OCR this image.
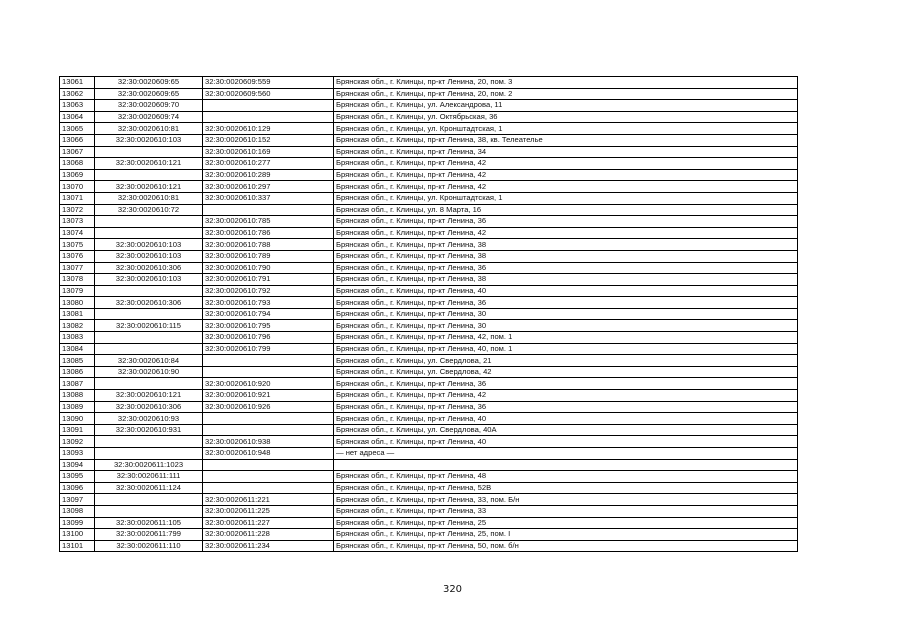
13061	32:30:0020609:65	32:30:0020609:559	Брянская обл., г. Клинцы, пр-кт Ленина, 20, пом. 3
13062	32:30:0020609:65	32:30:0020609:560	Брянская обл., г. Клинцы, пр-кт Ленина, 20, пом. 2
13063	32:30:0020609:70		Брянская обл., г. Клинцы, ул. Александрова, 11
13064	32:30:0020609:74		Брянская обл., г. Клинцы, ул. Октябрьская, 36
13065	32:30:0020610:81	32:30:0020610:129	Брянская обл., г. Клинцы, ул. Кронштадтская, 1
13066	32:30:0020610:103	32:30:0020610:152	Брянская обл., г. Клинцы, пр-кт Ленина, 38, кв. Телеателье
13067		32:30:0020610:169	Брянская обл., г. Клинцы, пр-кт Ленина, 34
13068	32:30:0020610:121	32:30:0020610:277	Брянская обл., г. Клинцы, пр-кт Ленина, 42
13069		32:30:0020610:289	Брянская обл., г. Клинцы, пр-кт Ленина, 42
13070	32:30:0020610:121	32:30:0020610:297	Брянская обл., г. Клинцы, пр-кт Ленина, 42
13071	32:30:0020610:81	32:30:0020610:337	Брянская обл., г. Клинцы, ул. Кронштадтская, 1
13072	32:30:0020610:72		Брянская обл., г. Клинцы, ул. 8 Марта, 16
13073		32:30:0020610:785	Брянская обл., г. Клинцы, пр-кт Ленина, 36
13074		32:30:0020610:786	Брянская обл., г. Клинцы, пр-кт Ленина, 42
13075	32:30:0020610:103	32:30:0020610:788	Брянская обл., г. Клинцы, пр-кт Ленина, 38
13076	32:30:0020610:103	32:30:0020610:789	Брянская обл., г. Клинцы, пр-кт Ленина, 38
13077	32:30:0020610:306	32:30:0020610:790	Брянская обл., г. Клинцы, пр-кт Ленина, 36
13078	32:30:0020610:103	32:30:0020610:791	Брянская обл., г. Клинцы, пр-кт Ленина, 38
13079		32:30:0020610:792	Брянская обл., г. Клинцы, пр-кт Ленина, 40
13080	32:30:0020610:306	32:30:0020610:793	Брянская обл., г. Клинцы, пр-кт Ленина, 36
13081		32:30:0020610:794	Брянская обл., г. Клинцы, пр-кт Ленина, 30
13082	32:30:0020610:115	32:30:0020610:795	Брянская обл., г. Клинцы, пр-кт Ленина, 30
13083		32:30:0020610:796	Брянская обл., г. Клинцы, пр-кт Ленина, 42, пом. 1
13084		32:30:0020610:799	Брянская обл., г. Клинцы, пр-кт Ленина, 40, пом. 1
13085	32:30:0020610:84		Брянская обл., г. Клинцы, ул. Свердлова, 21
13086	32:30:0020610:90		Брянская обл., г. Клинцы, ул. Свердлова, 42
13087		32:30:0020610:920	Брянская обл., г. Клинцы, пр-кт Ленина, 36
13088	32:30:0020610:121	32:30:0020610:921	Брянская обл., г. Клинцы, пр-кт Ленина, 42
13089	32:30:0020610:306	32:30:0020610:926	Брянская обл., г. Клинцы, пр-кт Ленина, 36
13090	32:30:0020610:93		Брянская обл., г. Клинцы, пр-кт Ленина, 40
13091	32:30:0020610:931		Брянская обл., г. Клинцы, ул. Свердлова, 40А
13092		32:30:0020610:938	Брянская обл., г. Клинцы, пр-кт Ленина, 40
13093		32:30:0020610:948	— нет адреса —
13094	32:30:0020611:1023		
13095	32:30:0020611:111		Брянская обл., г. Клинцы, пр-кт Ленина, 48
13096	32:30:0020611:124		Брянская обл., г. Клинцы, пр-кт Ленина, 52В
13097		32:30:0020611:221	Брянская обл., г. Клинцы, пр-кт Ленина, 33, пом. Б/н
13098		32:30:0020611:225	Брянская обл., г. Клинцы, пр-кт Ленина, 33
13099	32:30:0020611:105	32:30:0020611:227	Брянская обл., г. Клинцы, пр-кт Ленина, 25
13100	32:30:0020611:799	32:30:0020611:228	Брянская обл., г. Клинцы, пр-кт Ленина, 25, пом. I
13101	32:30:0020611:110	32:30:0020611:234	Брянская обл., г. Клинцы, пр-кт Ленина, 50, пом. б/н
320
